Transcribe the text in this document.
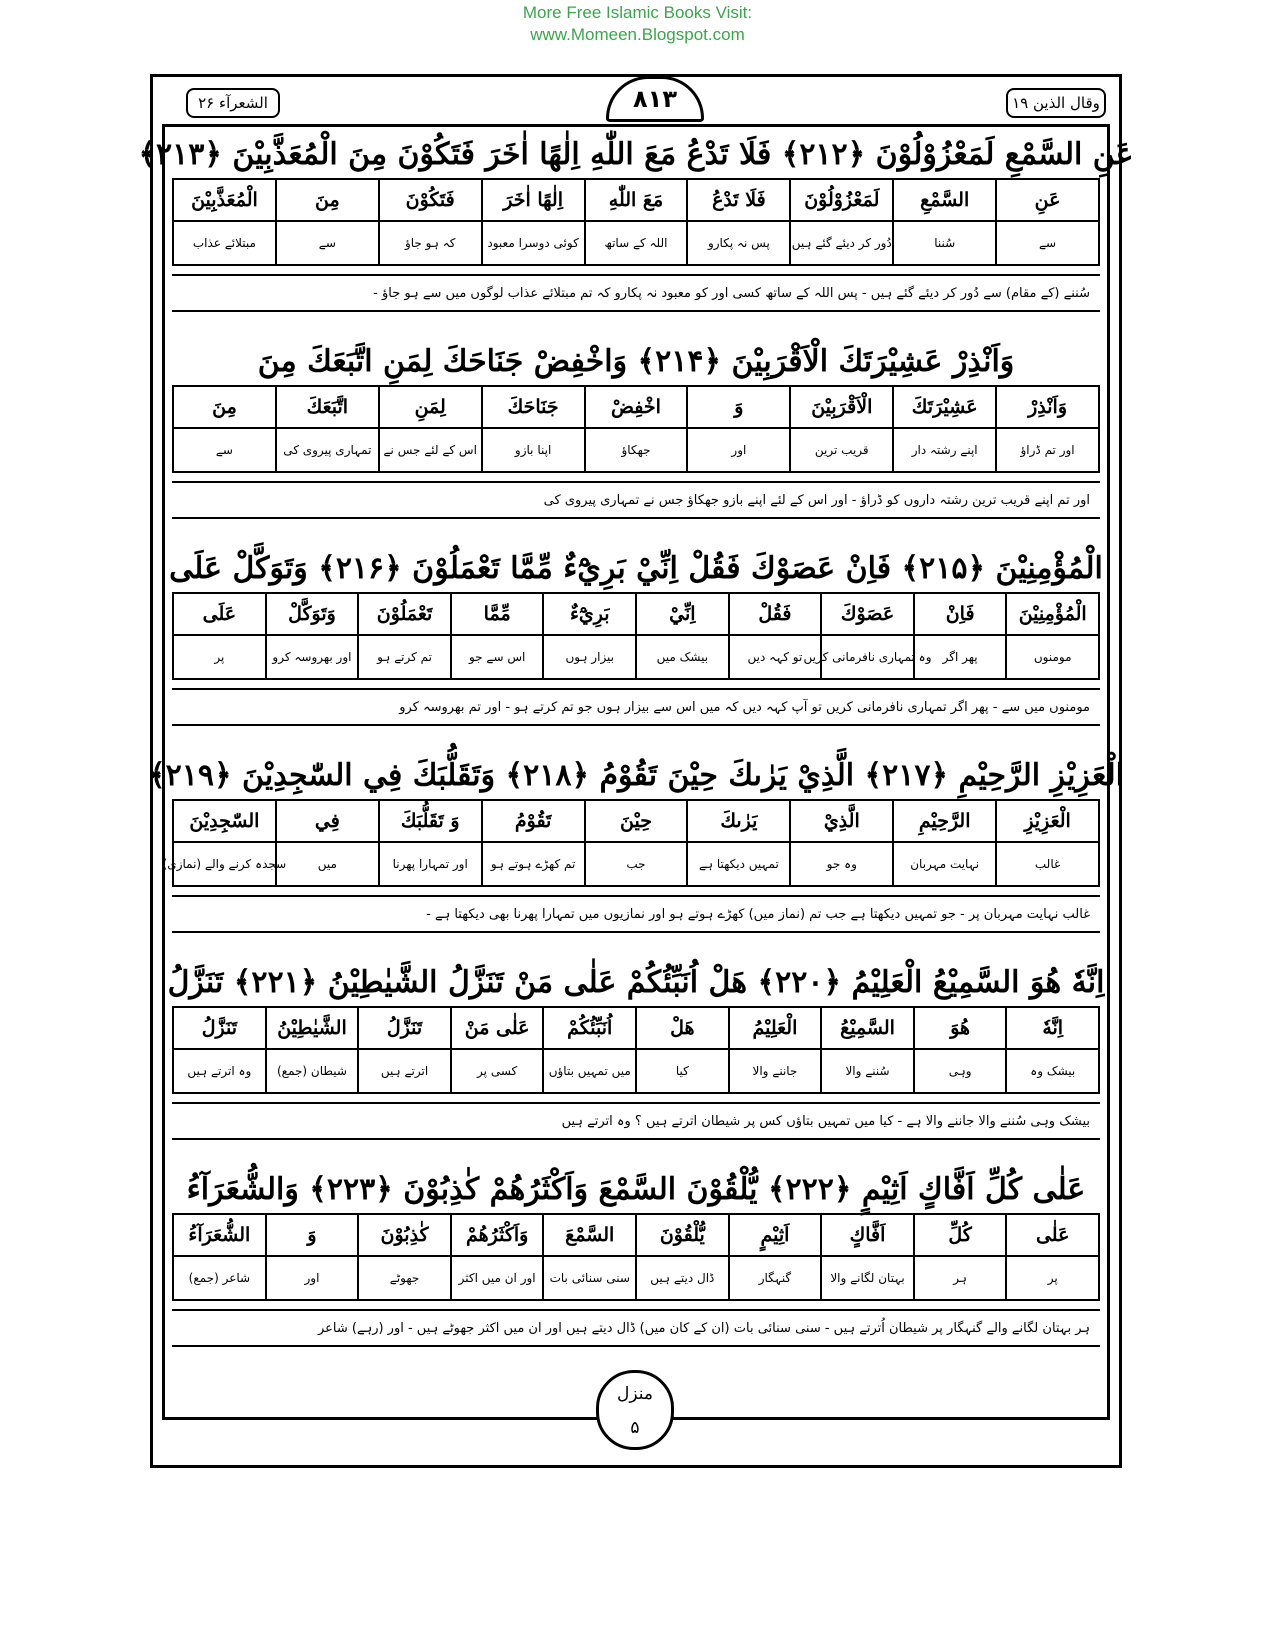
More Free Islamic Books Visit:
www.Momeen.Blogspot.com
الشعرآء ۲۶	۸۱۳	وقال الذين ۱۹
عَنِ السَّمْعِ لَمَعْزُوْلُوْنَ ﴿۲۱۲﴾ فَلَا تَدْعُ مَعَ اللّٰهِ اِلٰهًا اٰخَرَ فَتَكُوْنَ مِنَ الْمُعَذَّبِيْنَ ﴿۲۱۳﴾
عَنِ
سے
السَّمْعِ
سُننا
لَمَعْزُوْلُوْنَ
دُور کر دیئے گئے ہیں
فَلَا تَدْعُ
پس نہ پکارو
مَعَ اللّٰهِ
اللہ کے ساتھ
اِلٰهًا اٰخَرَ
کوئی دوسرا معبود
فَتَكُوْنَ
کہ ہو جاؤ
مِنَ
سے
الْمُعَذَّبِيْنَ
مبتلائے عذاب
سُننے (کے مقام) سے دُور کر دیئے گئے ہیں - پس اللہ کے ساتھ کسی اور کو معبود نہ پکارو کہ تم مبتلائے عذاب لوگوں میں سے ہو جاؤ -
وَاَنْذِرْ عَشِيْرَتَكَ الْاَقْرَبِيْنَ ﴿۲۱۴﴾ وَاخْفِضْ جَنَاحَكَ لِمَنِ اتَّبَعَكَ مِنَ
وَاَنْذِرْ
اور تم ڈراؤ
عَشِيْرَتَكَ
اپنے رشتہ دار
الْاَقْرَبِيْنَ
قریب ترین
وَ
اور
اخْفِضْ
جھکاؤ
جَنَاحَكَ
اپنا بازو
لِمَنِ
اس کے لئے جس نے
اتَّبَعَكَ
تمہاری پیروی کی
مِنَ
سے
اور تم اپنے قریب ترین رشتہ داروں کو ڈراؤ - اور اس کے لئے اپنے بازو جھکاؤ جس نے تمہاری پیروی کی
الْمُؤْمِنِيْنَ ﴿۲۱۵﴾ فَاِنْ عَصَوْكَ فَقُلْ اِنِّيْ بَرِيْٓءٌ مِّمَّا تَعْمَلُوْنَ ﴿۲۱۶﴾ وَتَوَكَّلْ عَلَى
الْمُؤْمِنِيْنَ
مومنوں
فَاِنْ
پھر اگر
عَصَوْكَ
وہ تمہاری نافرمانی کریں
فَقُلْ
تو کہہ دیں
اِنِّيْ
بیشک میں
بَرِيْٓءٌ
بیزار ہوں
مِّمَّا
اس سے جو
تَعْمَلُوْنَ
تم کرتے ہو
وَتَوَكَّلْ
اور بھروسہ کرو
عَلَى
پر
مومنوں میں سے - پھر اگر تمہاری نافرمانی کریں تو آپ کہہ دیں کہ میں اس سے بیزار ہوں جو تم کرتے ہو - اور تم بھروسہ کرو
الْعَزِيْزِ الرَّحِيْمِ ﴿۲۱۷﴾ الَّذِيْ يَرٰىكَ حِيْنَ تَقُوْمُ ﴿۲۱۸﴾ وَتَقَلُّبَكَ فِي السّٰجِدِيْنَ ﴿۲۱۹﴾
الْعَزِيْزِ
غالب
الرَّحِيْمِ
نہایت مہربان
الَّذِيْ
وہ جو
يَرٰىكَ
تمہیں دیکھتا ہے
حِيْنَ
جب
تَقُوْمُ
تم کھڑے ہوتے ہو
وَ تَقَلُّبَكَ
اور تمہارا پھرنا
فِي
میں
السّٰجِدِيْنَ
سجدہ کرنے والے (نمازی)
غالب نہایت مہربان پر - جو تمہیں دیکھتا ہے جب تم (نماز میں) کھڑے ہوتے ہو اور نمازیوں میں تمہارا پھرنا بھی دیکھتا ہے -
اِنَّهٗ هُوَ السَّمِيْعُ الْعَلِيْمُ ﴿۲۲۰﴾ هَلْ اُنَبِّئُكُمْ عَلٰى مَنْ تَنَزَّلُ الشَّيٰطِيْنُ ﴿۲۲۱﴾ تَنَزَّلُ
اِنَّهٗ
بیشک وہ
هُوَ
وہی
السَّمِيْعُ
سُننے والا
الْعَلِيْمُ
جاننے والا
هَلْ
کیا
اُنَبِّئُكُمْ
میں تمہیں بتاؤں
عَلٰى مَنْ
کسی پر
تَنَزَّلُ
اترتے ہیں
الشَّيٰطِيْنُ
شیطان (جمع)
تَنَزَّلُ
وہ اترتے ہیں
بیشک وہی سُننے والا جاننے والا ہے - کیا میں تمہیں بتاؤں کس پر شیطان اترتے ہیں ؟ وہ اترتے ہیں
عَلٰى كُلِّ اَفَّاكٍ اَثِيْمٍ ﴿۲۲۲﴾ يُّلْقُوْنَ السَّمْعَ وَاَكْثَرُهُمْ كٰذِبُوْنَ ﴿۲۲۳﴾ وَالشُّعَرَآءُ
عَلٰى
پر
كُلِّ
ہر
اَفَّاكٍ
بہتان لگانے والا
اَثِيْمٍ
گنہگار
يُّلْقُوْنَ
ڈال دیتے ہیں
السَّمْعَ
سنی سنائی بات
وَاَكْثَرُهُمْ
اور ان میں اکثر
كٰذِبُوْنَ
جھوٹے
وَ
اور
الشُّعَرَآءُ
شاعر (جمع)
ہر بہتان لگانے والے گنہگار پر شیطان اُترتے ہیں - سنی سنائی بات (ان کے کان میں) ڈال دیتے ہیں اور ان میں اکثر جھوٹے ہیں - اور (رہے) شاعر
منزل
۵
